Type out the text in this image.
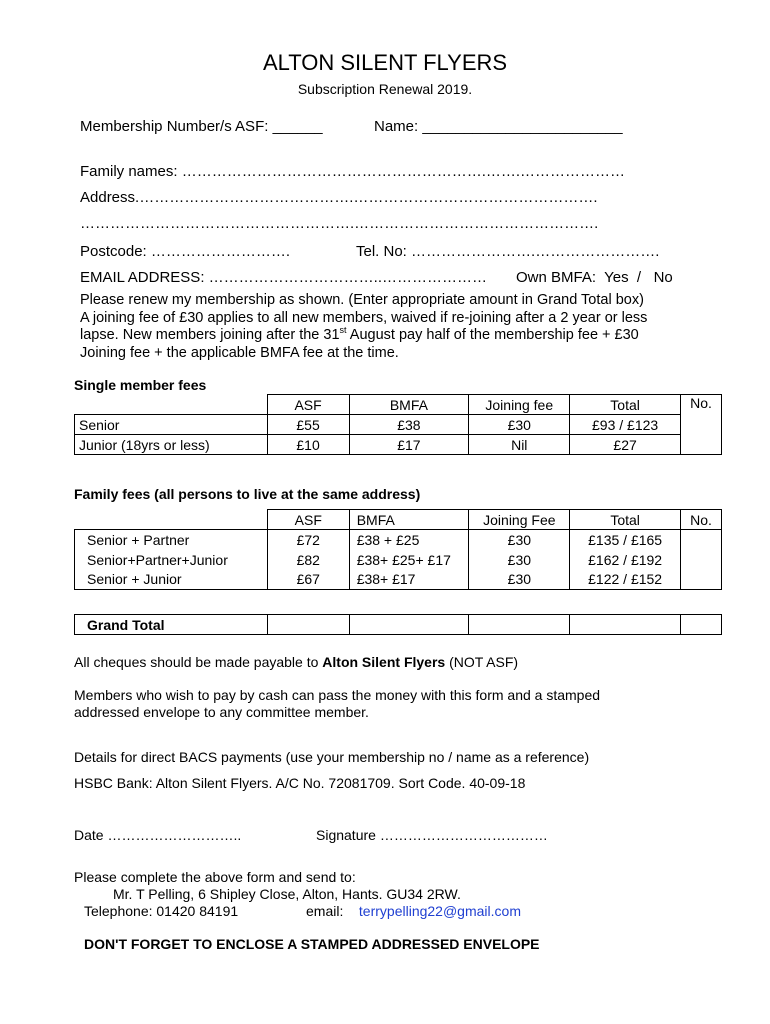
ALTON SILENT FLYERS
Subscription Renewal 2019.
Membership Number/s ASF: ______	Name: ________________________
Family names: …………………………………………………….…….…………………
Address.…………………………………….………………………………………….
……………………………………………….………………………………………….
Postcode: ……………………….	Tel. No: …………………….…………………….
EMAIL ADDRESS: ……………………………..………………… Own BMFA: Yes  /   No
Please renew my membership as shown. (Enter appropriate amount in Grand Total box)
A joining fee of £30 applies to all new members, waived if re-joining after a 2 year or less
lapse. New members joining after the 31st August pay half of the membership fee + £30
Joining fee + the applicable BMFA fee at the time.
Single member fees
	ASF	BMFA	Joining fee	Total	No.
Senior	£55	£38	£30	£93 / £123	
Junior (18yrs or less)	£10	£17	Nil	£27	
Family fees (all persons to live at the same address)
	ASF	BMFA	Joining Fee	Total	No.
Senior + Partner	£72	£38 + £25	£30	£135 / £165	
Senior+Partner+Junior	£82	£38+ £25+ £17	£30	£162 / £192	
Senior + Junior	£67	£38+ £17	£30	£122 / £152	
Grand Total					
All cheques should be made payable to Alton Silent Flyers (NOT ASF)
Members who wish to pay by cash can pass the money with this form and a stamped
addressed envelope to any committee member.
Details for direct BACS payments (use your membership no / name as a reference)
HSBC Bank: Alton Silent Flyers. A/C No. 72081709. Sort Code. 40-09-18
Date ………………………..	Signature ………………………………
Please complete the above form and send to:
Mr. T Pelling, 6 Shipley Close, Alton, Hants. GU34 2RW.
Telephone: 01420 84191	email: terrypelling22@gmail.com
DON'T FORGET TO ENCLOSE A STAMPED ADDRESSED ENVELOPE
